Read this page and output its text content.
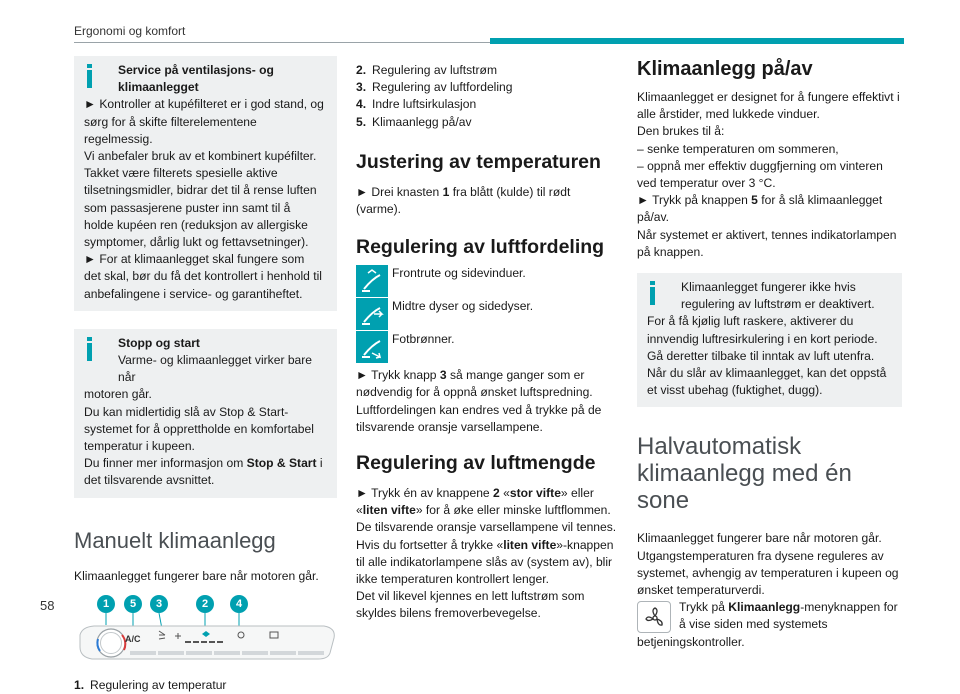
Ergonomi og komfort
58
Service på ventilasjons- og
klimaanlegget
► Kontroller at kupéfilteret er i god stand, og
sørg for å skifte filterelementene regelmessig.
Vi anbefaler bruk av et kombinert kupéfilter.
Takket være filterets spesielle aktive
tilsetningsmidler, bidrar det til å rense luften
som passasjerene puster inn samt til å
holde kupéen ren (reduksjon av allergiske
symptomer, dårlig lukt og fettavsetninger).
► For at klimaanlegget skal fungere som
det skal, bør du få det kontrollert i henhold til
anbefalingene i service- og garantiheftet.
Stopp og start
Varme- og klimaanlegget virker bare når
motoren går.
Du kan midlertidig slå av Stop & Start-
systemet for å opprettholde en komfortabel
temperatur i kupeen.
Du finner mer informasjon om Stop & Start i
det tilsvarende avsnittet.
Manuelt klimaanlegg
Klimaanlegget fungerer bare når motoren går.
A/C
1	5	3	2	4
1. Regulering av temperatur
2. Regulering av luftstrøm
3. Regulering av luftfordeling
4. Indre luftsirkulasjon
5. Klimaanlegg på/av
Justering av temperaturen
► Drei knasten 1 fra blått (kulde) til rødt
(varme).
Regulering av luftfordeling
Frontrute og sidevinduer.
Midtre dyser og sidedyser.
Fotbrønner.
► Trykk knapp 3 så mange ganger som er
nødvendig for å oppnå ønsket luftspredning.
Luftfordelingen kan endres ved å trykke på de
tilsvarende oransje varsellampene.
Regulering av luftmengde
► Trykk én av knappene 2 «stor vifte» eller
«liten vifte» for å øke eller minske luftflommen.
De tilsvarende oransje varsellampene vil tennes.
Hvis du fortsetter å trykke «liten vifte»-knappen
til alle indikatorlampene slås av (system av), blir
ikke temperaturen kontrollert lenger.
Det vil likevel kjennes en lett luftstrøm som
skyldes bilens fremoverbevegelse.
Klimaanlegg på/av
Klimaanlegget er designet for å fungere effektivt i
alle årstider, med lukkede vinduer.
Den brukes til å:
– senke temperaturen om sommeren,
– oppnå mer effektiv duggfjerning om vinteren
ved temperatur over 3 °C.
► Trykk på knappen 5 for å slå klimaanlegget
på/av.
Når systemet er aktivert, tennes indikatorlampen
på knappen.
Klimaanlegget fungerer ikke hvis
regulering av luftstrøm er deaktivert.
For å få kjølig luft raskere, aktiverer du
innvendig luftresirkulering i en kort periode.
Gå deretter tilbake til inntak av luft utenfra.
Når du slår av klimaanlegget, kan det oppstå
et visst ubehag (fuktighet, dugg).
Halvautomatisk
klimaanlegg med én sone
Klimaanlegget fungerer bare når motoren går.
Utgangstemperaturen fra dysene reguleres av
systemet, avhengig av temperaturen i kupeen og
ønsket temperaturverdi.
Trykk på Klimaanlegg-menyknappen for
å vise siden med systemets
betjeningskontroller.
